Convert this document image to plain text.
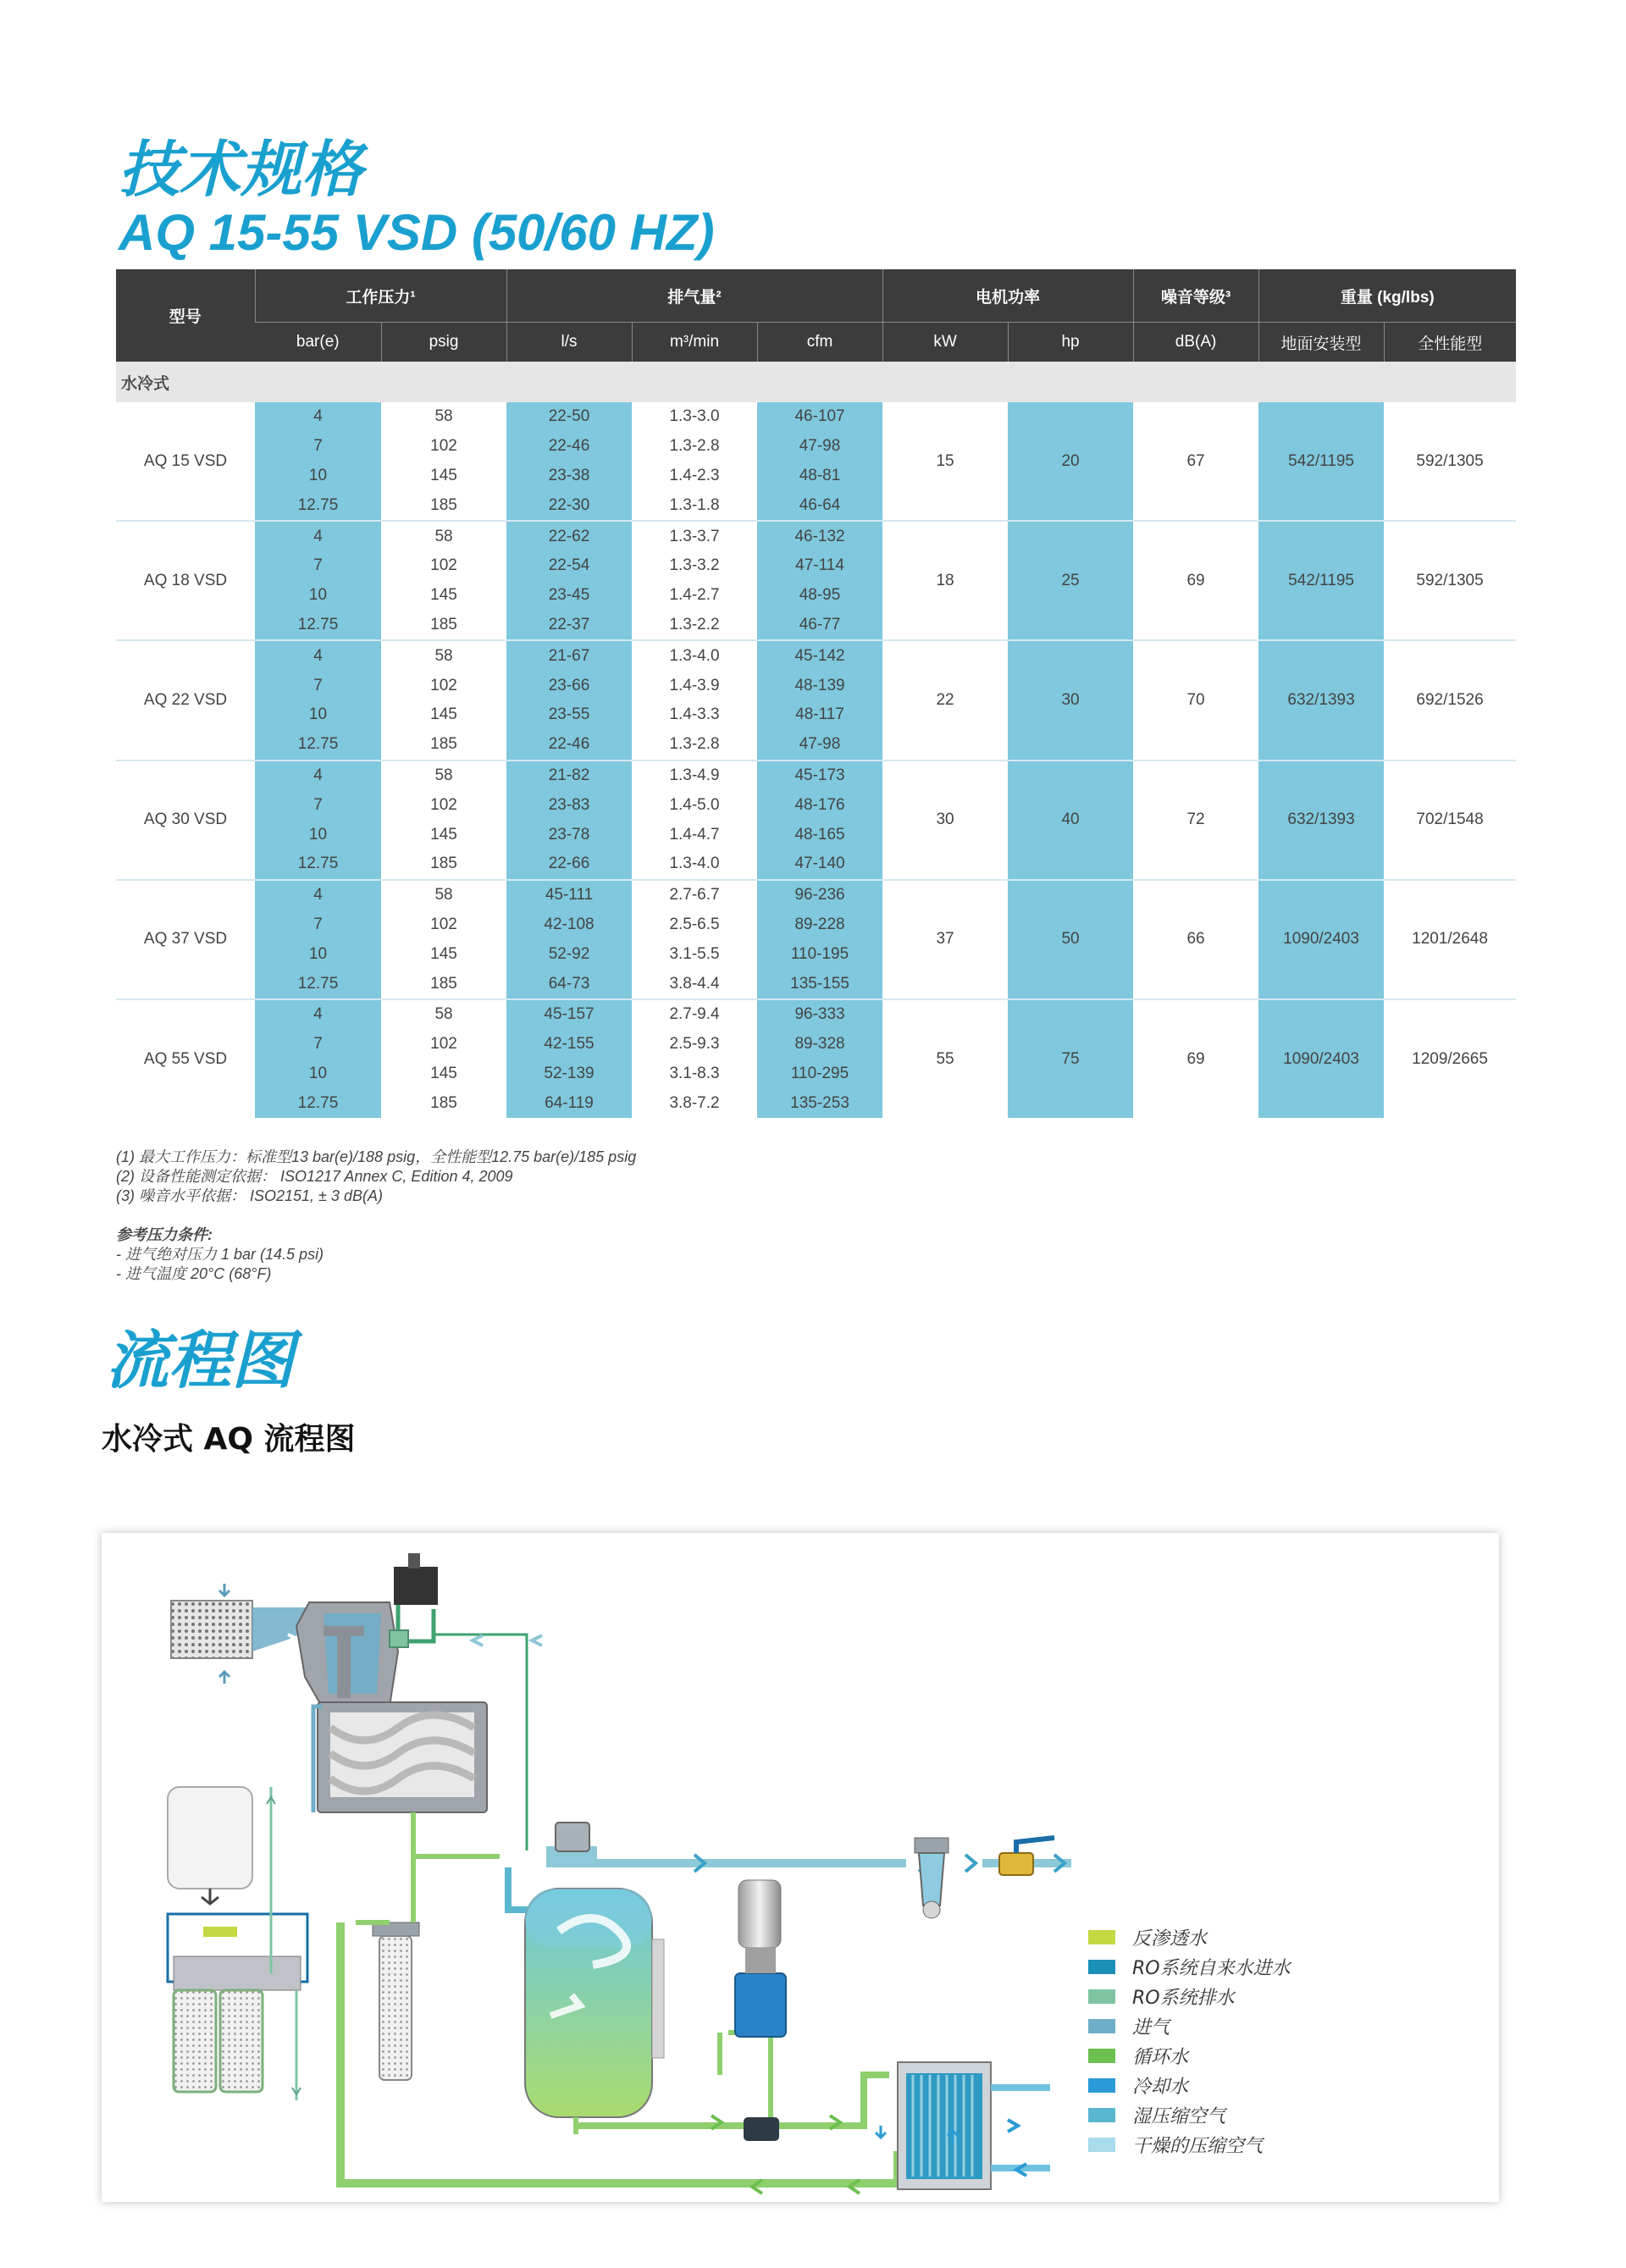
技术规格
AQ 15-55 VSD (50/60 HZ)
型号	工作压力¹		排气量²			电机功率		噪音等级³	重量 (kg/lbs)	
	bar(e)	psig	l/s	m³/min	cfm	kW	hp	dB(A)	地面安装型	全性能型
水冷式										
AQ 15 VSD	4	58	22-50	1.3-3.0	46-107	15	20	67	542/1195	592/1305
	7	102	22-46	1.3-2.8	47-98					
	10	145	23-38	1.4-2.3	48-81					
	12.75	185	22-30	1.3-1.8	46-64					
AQ 18 VSD	4	58	22-62	1.3-3.7	46-132	18	25	69	542/1195	592/1305
	7	102	22-54	1.3-3.2	47-114					
	10	145	23-45	1.4-2.7	48-95					
	12.75	185	22-37	1.3-2.2	46-77					
AQ 22 VSD	4	58	21-67	1.3-4.0	45-142	22	30	70	632/1393	692/1526
	7	102	23-66	1.4-3.9	48-139					
	10	145	23-55	1.4-3.3	48-117					
	12.75	185	22-46	1.3-2.8	47-98					
AQ 30 VSD	4	58	21-82	1.3-4.9	45-173	30	40	72	632/1393	702/1548
	7	102	23-83	1.4-5.0	48-176					
	10	145	23-78	1.4-4.7	48-165					
	12.75	185	22-66	1.3-4.0	47-140					
AQ 37 VSD	4	58	45-111	2.7-6.7	96-236	37	50	66	1090/2403	1201/2648
	7	102	42-108	2.5-6.5	89-228					
	10	145	52-92	3.1-5.5	110-195					
	12.75	185	64-73	3.8-4.4	135-155					
AQ 55 VSD	4	58	45-157	2.7-9.4	96-333	55	75	69	1090/2403	1209/2665
	7	102	42-155	2.5-9.3	89-328					
	10	145	52-139	3.1-8.3	110-295					
	12.75	185	64-119	3.8-7.2	135-253					
(1) 最大工作压力：标准型13 bar(e)/188 psig，全性能型12.75 bar(e)/185 psig
(2) 设备性能测定依据： ISO1217 Annex C, Edition 4, 2009
(3) 噪音水平依据： ISO2151, ± 3 dB(A)
参考压力条件:
- 进气绝对压力 1 bar (14.5 psi)
- 进气温度 20°C (68°F)
流程图
水冷式 AQ 流程图
反渗透水
RO系统自来水进水
RO系统排水
进气
循环水
冷却水
湿压缩空气
干燥的压缩空气
